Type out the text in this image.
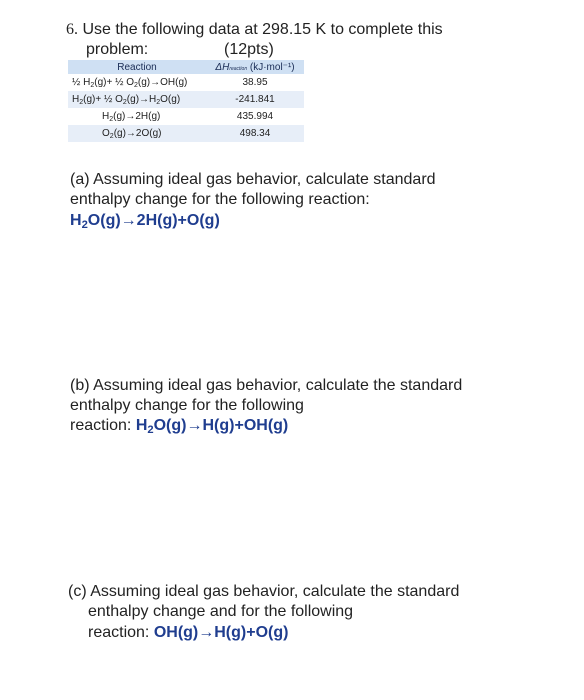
6. Use the following data at 298.15 K to complete this
problem:	(12pts)
Reaction	ΔHreaction (kJ·mol⁻¹)
½ $H_2(g)+$ ½ $O_2(g)\to OH(g)$	38.95
$H_2(g)+$ ½ $O_2(g)\to H_2O(g)$	-241.841
$H_2(g)\to 2H(g)$	435.994
$O_2(g)\to 2O(g)$	498.34
(a) Assuming ideal gas behavior, calculate standard
enthalpy change for the following reaction:
$H_2O(g)\to 2H(g)+O(g)$
(b) Assuming ideal gas behavior, calculate the standard
enthalpy change for the following
reaction: $H_2O(g)\to H(g)+OH(g)$
(c) Assuming ideal gas behavior, calculate the standard
enthalpy change and for the following
reaction: OH(g)→H(g)+O(g)
